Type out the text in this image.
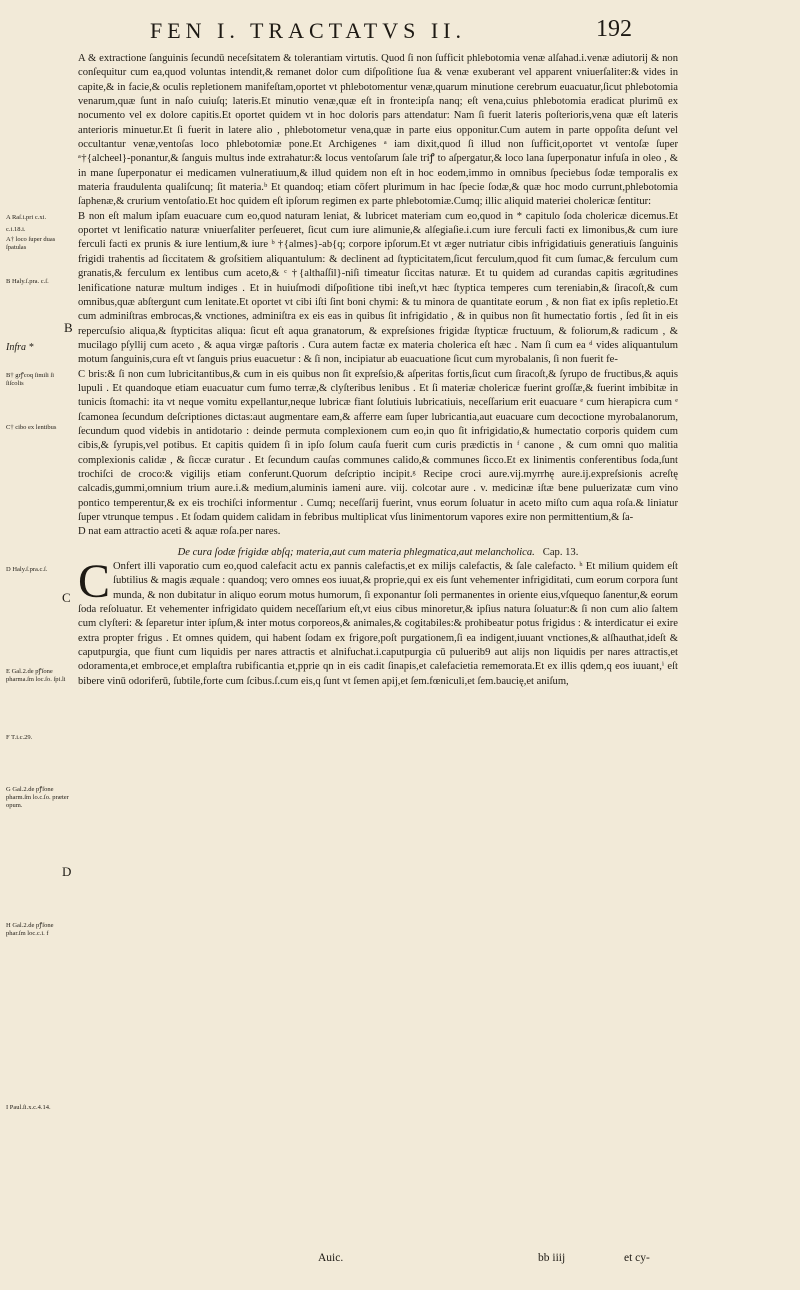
FEN I. TRACTATVS II.	192
A Raſ.i.pri c.xi.
c.i.18.i.
A† loco ſuper duas ſpatulas
B Haly.ſ.pra. c.ſ.
Infra *
B† grꝭcoq ſimili ſi ſiſcolis
C† cibo ex lentibus
D Haly.ſ.pra.c.ſ.
E Gal.2.de pꝭſone pharma.ſm loc.ſo. ſpi.li
F T.i.c.29.
G Gal.2.de pꝭſone pharm.ſm lo.c.ſo. præter opum.
H Gal.2.de pꝭſone phar.ſm loc.c.i. f
I Paul.ſi.x.c.4.14.
B
C
D

A & extractione ſanguinis ſecundū neceſsitatem & tolerantiam virtutis. Quod ſi non ſufficit phlebotomia venæ alſahad.i.venæ adiutorij & non conſequitur cum ea,quod voluntas intendit,& remanet dolor cum diſpoſitione ſua & venæ exuberant vel apparent vniuerſaliter:& vides in capite,& in facie,& oculis repletionem manifeſtam,oportet vt phlebotomentur venæ,quarum minutione cerebrum euacuatur,ſicut phlebotomia venarum,quæ ſunt in naſo cuiuſq; lateris.Et minutio venæ,quæ eſt in fronte:ipſa nanq; eſt vena,cuius phlebotomia eradicat plurimū ex nocumento vel ex dolore capitis.Et oportet quidem vt in hoc doloris pars attendatur: Nam ſi fuerit lateris poſterioris,vena quæ eſt lateris anterioris minuetur.Et ſi fuerit in latere alio , phlebotometur vena,quæ in parte eius opponitur.Cum autem in parte oppoſita deſunt vel occultantur venæ,ventoſas loco phlebotomiæ pone.Et Archigenes ᵃ iam dixit,quod ſi illud non ſufficit,oportet vt ventoſæ ſuper ᵃ†{alcheel}‑ponantur,& ſanguis multus inde extrahatur:& locus ventoſarum ſale triꝭ to aſpergatur,& loco lana ſuperponatur infuſa in oleo , & in mane ſuperponatur ei medicamen vulneratiuum,& illud quidem non eſt in hoc eodem,immo in omnibus ſpeciebus ſodæ temporalis ex materia fraudulenta qualiſcunq; ſit materia.ᵇ Et quandoq; etiam cōfert plurimum in hac ſpecie ſodæ,& quæ hoc modo currunt,phlebotomia ſaphenæ,& crurium ventoſatio.Et hoc quidem eſt ipſorum regimen ex parte phlebotomiæ.Cumq; illic aliquid materiei cholericæ ſentitur:

B non eſt malum ipſam euacuare cum eo,quod naturam leniat, & lubricet materiam cum eo,quod in * capitulo ſoda cholericæ dicemus.Et oportet vt lenificatio naturæ vniuerſaliter perſeueret, ſicut cum iure alimunie,& alſegiaſie.i.cum iure ferculi facti ex limonibus,& cum iure ferculi facti ex prunis & iure lentium,& iure ᵇ †{almes}‑ab{q; corpore ipſorum.Et vt æger nutriatur cibis infrigidatiuis generatiuis ſanguinis frigidi trahentis ad ſiccitatem & groſsitiem aliquantulum: & declinent ad ſtypticitatem,ſicut ferculum,quod fit cum ſumac,& ferculum cum granatis,& ferculum ex lentibus cum aceto,& ᶜ †{althaſſil}‑niſi timeatur ſiccitas naturæ. Et tu quidem ad curandas capitis ægritudines lenificatione naturæ multum indiges . Et in huiuſmodi diſpoſitione tibi ineſt,vt hæc ſtyptica temperes cum tereniabin,& ſiracoſt,& cum omnibus,quæ abſtergunt cum lenitate.Et oportet vt cibi iſti ſint boni chymi: & tu minora de quantitate eorum , & non fiat ex ipſis repletio.Et cum adminiſtras embrocas,& vnctiones, adminiſtra ex eis eas in quibus ſit infrigidatio , & in quibus non ſit humectatio fortis , ſed ſit in eis repercuſsio aliqua,& ſtypticitas aliqua: ſicut eſt aqua granatorum, & expreſsiones frigidæ ſtypticæ fructuum, & foliorum,& radicum , & mucilago pſyllij cum aceto , & aqua virgæ paſtoris . Cura autem factæ ex materia cholerica eſt hæc . Nam ſi cum ea ᵈ vides aliquantulum motum ſanguinis,cura eſt vt ſanguis prius euacuetur : & ſi non, incipiatur ab euacuatione ſicut cum myrobalanis, ſi non fuerit fe‑

C bris:& ſi non cum lubricitantibus,& cum in eis quibus non ſit expreſsio,& aſperitas fortis,ſicut cum ſiracoſt,& ſyrupo de fructibus,& aquis lupuli . Et quandoque etiam euacuatur cum fumo terræ,& clyſteribus lenibus . Et ſi materiæ cholericæ fuerint groſſæ,& fuerint imbibitæ in tunicis ſtomachi: ita vt neque vomitu expellantur,neque lubricæ fiant ſolutiuis lubricatiuis, neceſſarium erit euacuare ᵉ cum hierapicra cum ᵉ ſcamonea ſecundum deſcriptiones dictas:aut augmentare eam,& afferre eam ſuper lubricantia,aut euacuare cum decoctione myrobalanorum, ſecundum quod videbis in antidotario : deinde permuta complexionem cum eo,in quo ſit infrigidatio,& humectatio corporis quidem cum cibis,& ſyrupis,vel potibus. Et capitis quidem ſi in ipſo ſolum cauſa fuerit cum curis prædictis in ᶠ canone , & cum omni quo malitia complexionis calidæ , & ſiccæ curatur . Et ſecundum cauſas communes calido,& communes ſicco.Et ex linimentis conferentibus ſoda,ſunt trochiſci de croco:& vigilijs etiam conferunt.Quorum deſcriptio incipit.ᵍ Recipe croci aure.vij.myrrhę aure.ij.expreſsionis acreſtę calcadis,gummi,omnium trium aure.i.& medium,aluminis iameni aure. viij. colcotar aure . v. medicinæ iſtæ bene puluerizatæ cum vino pontico temperentur,& ex eis trochiſci informentur . Cumq; neceſſarij fuerint, vnus eorum ſoluatur in aceto miſto cum aqua roſa.& liniatur ſuper vtrunque tempus . Et ſodam quidem calidam in febribus multiplicat vſus linimentorum vapores exire non permittentium,& ſa‑

D nat eam attractio aceti & aquæ roſa.per nares.

De cura ſodæ frigidæ abſq; materia,aut cum materia phlegmatica,aut melancholica. Cap. 13.

C Onfert illi vaporatio cum eo,quod calefacit actu ex pannis calefactis,et ex milijs calefactis, & ſale calefacto. ʰ Et milium quidem eſt ſubtilius & magis æquale : quandoq; vero omnes eos iuuat,& proprie,qui ex eis ſunt vehementer infrigiditati, cum eorum corpora ſunt munda, & non dubitatur in aliquo eorum motus humorum, ſi exponantur ſoli permanentes in oriente eius,vſquequo ſanentur,& eorum ſoda reſoluatur. Et vehementer infrigidato quidem neceſſarium eſt,vt eius cibus minoretur,& ipſius natura ſoluatur:& ſi non cum alio ſaltem cum clyſteri: & ſeparetur inter ipſum,& inter motus corporeos,& animales,& cogitabiles:& prohibeatur potus frigidus : & interdicatur ei exire extra propter frigus . Et omnes quidem, qui habent ſodam ex frigore,poſt purgationem,ſi ea indigent,iuuant vnctiones,& alſhauthat,ideſt & caputpurgia, que fiunt cum liquidis per nares attractis et alnifuchat.i.caputpurgia cū puluerib9 aut alijs non liquidis per nares attractis,et odoramenta,et embroce,et emplaſtra rubificantia et,pprie qn in eis cadit ſinapis,et calefacietia rememorata.Et ex illis qdem,q eos iuuant,ⁱ eſt bibere vinū odoriferū, ſubtile,forte cum ſcibus.ſ.cum eis,q ſunt vt ſemen apij,et ſem.fœniculi,et ſem.baucię,et aniſum,

Auic.	bb iiij	et cy‑
